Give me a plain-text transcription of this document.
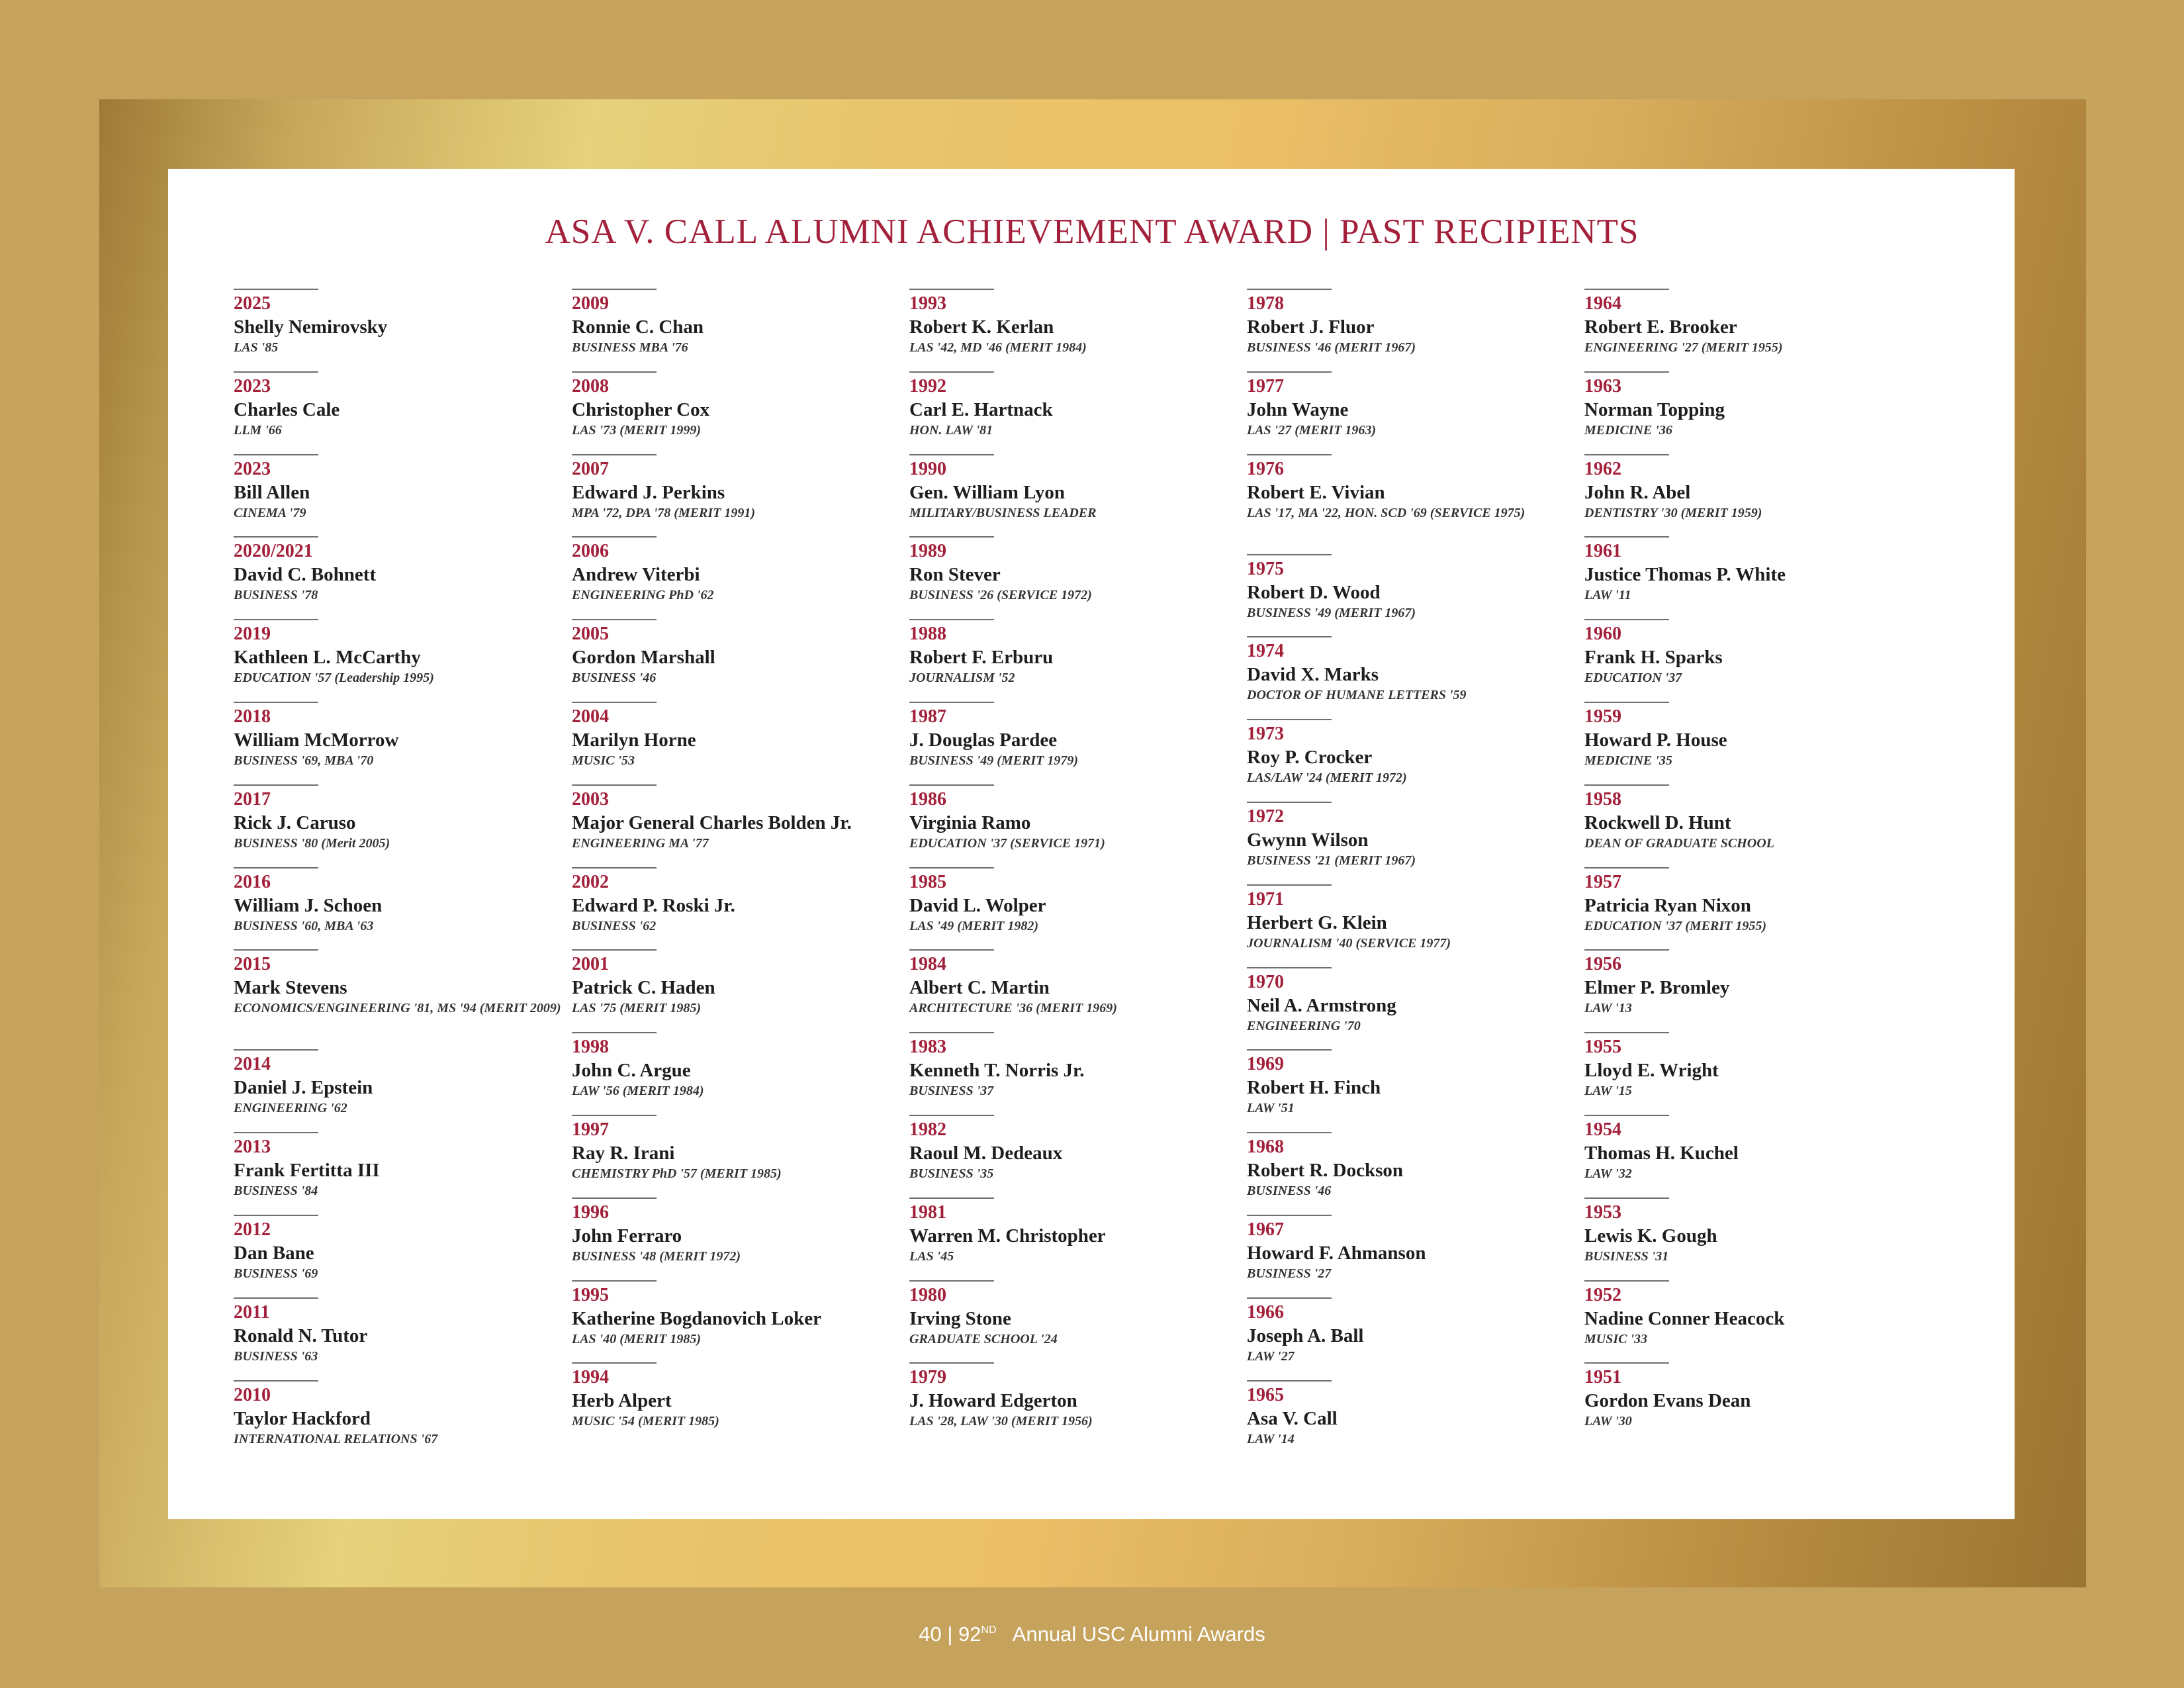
ASA V. CALL ALUMNI ACHIEVEMENT AWARD | PAST RECIPIENTS
2025
Shelly Nemirovsky
LAS '85
2023
Charles Cale
LLM '66
2023
Bill Allen
CINEMA '79
2020/2021
David C. Bohnett
BUSINESS '78
2019
Kathleen L. McCarthy
EDUCATION '57 (Leadership 1995)
2018
William McMorrow
BUSINESS '69, MBA '70
2017
Rick J. Caruso
BUSINESS '80 (Merit 2005)
2016
William J. Schoen
BUSINESS '60, MBA '63
2015
Mark Stevens
ECONOMICS/ENGINEERING '81, MS '94 (MERIT 2009)
2014
Daniel J. Epstein
ENGINEERING '62
2013
Frank Fertitta III
BUSINESS '84
2012
Dan Bane
BUSINESS '69
2011
Ronald N. Tutor
BUSINESS '63
2010
Taylor Hackford
INTERNATIONAL RELATIONS '67
2009
Ronnie C. Chan
BUSINESS MBA '76
2008
Christopher Cox
LAS '73 (MERIT 1999)
2007
Edward J. Perkins
MPA '72, DPA '78 (MERIT 1991)
2006
Andrew Viterbi
ENGINEERING PhD '62
2005
Gordon Marshall
BUSINESS '46
2004
Marilyn Horne
MUSIC '53
2003
Major General Charles Bolden Jr.
ENGINEERING MA '77
2002
Edward P. Roski Jr.
BUSINESS '62
2001
Patrick C. Haden
LAS '75 (MERIT 1985)
1998
John C. Argue
LAW '56 (MERIT 1984)
1997
Ray R. Irani
CHEMISTRY PhD '57 (MERIT 1985)
1996
John Ferraro
BUSINESS '48 (MERIT 1972)
1995
Katherine Bogdanovich Loker
LAS '40 (MERIT 1985)
1994
Herb Alpert
MUSIC '54 (MERIT 1985)
1993
Robert K. Kerlan
LAS '42, MD '46 (MERIT 1984)
1992
Carl E. Hartnack
HON. LAW '81
1990
Gen. William Lyon
MILITARY/BUSINESS LEADER
1989
Ron Stever
BUSINESS '26 (SERVICE 1972)
1988
Robert F. Erburu
JOURNALISM '52
1987
J. Douglas Pardee
BUSINESS '49 (MERIT 1979)
1986
Virginia Ramo
EDUCATION '37 (SERVICE 1971)
1985
David L. Wolper
LAS '49 (MERIT 1982)
1984
Albert C. Martin
ARCHITECTURE '36 (MERIT 1969)
1983
Kenneth T. Norris Jr.
BUSINESS '37
1982
Raoul M. Dedeaux
BUSINESS '35
1981
Warren M. Christopher
LAS '45
1980
Irving Stone
GRADUATE SCHOOL '24
1979
J. Howard Edgerton
LAS '28, LAW '30 (MERIT 1956)
1978
Robert J. Fluor
BUSINESS '46 (MERIT 1967)
1977
John Wayne
LAS '27 (MERIT 1963)
1976
Robert E. Vivian
LAS '17, MA '22, HON. SCD '69 (SERVICE 1975)
1975
Robert D. Wood
BUSINESS '49 (MERIT 1967)
1974
David X. Marks
DOCTOR OF HUMANE LETTERS '59
1973
Roy P. Crocker
LAS/LAW '24 (MERIT 1972)
1972
Gwynn Wilson
BUSINESS '21 (MERIT 1967)
1971
Herbert G. Klein
JOURNALISM '40 (SERVICE 1977)
1970
Neil A. Armstrong
ENGINEERING '70
1969
Robert H. Finch
LAW '51
1968
Robert R. Dockson
BUSINESS '46
1967
Howard F. Ahmanson
BUSINESS '27
1966
Joseph A. Ball
LAW '27
1965
Asa V. Call
LAW '14
1964
Robert E. Brooker
ENGINEERING '27 (MERIT 1955)
1963
Norman Topping
MEDICINE '36
1962
John R. Abel
DENTISTRY '30 (MERIT 1959)
1961
Justice Thomas P. White
LAW '11
1960
Frank H. Sparks
EDUCATION '37
1959
Howard P. House
MEDICINE '35
1958
Rockwell D. Hunt
DEAN OF GRADUATE SCHOOL
1957
Patricia Ryan Nixon
EDUCATION '37 (MERIT 1955)
1956
Elmer P. Bromley
LAW '13
1955
Lloyd E. Wright
LAW '15
1954
Thomas H. Kuchel
LAW '32
1953
Lewis K. Gough
BUSINESS '31
1952
Nadine Conner Heacock
MUSIC '33
1951
Gordon Evans Dean
LAW '30
40 | 92ND Annual USC Alumni Awards
